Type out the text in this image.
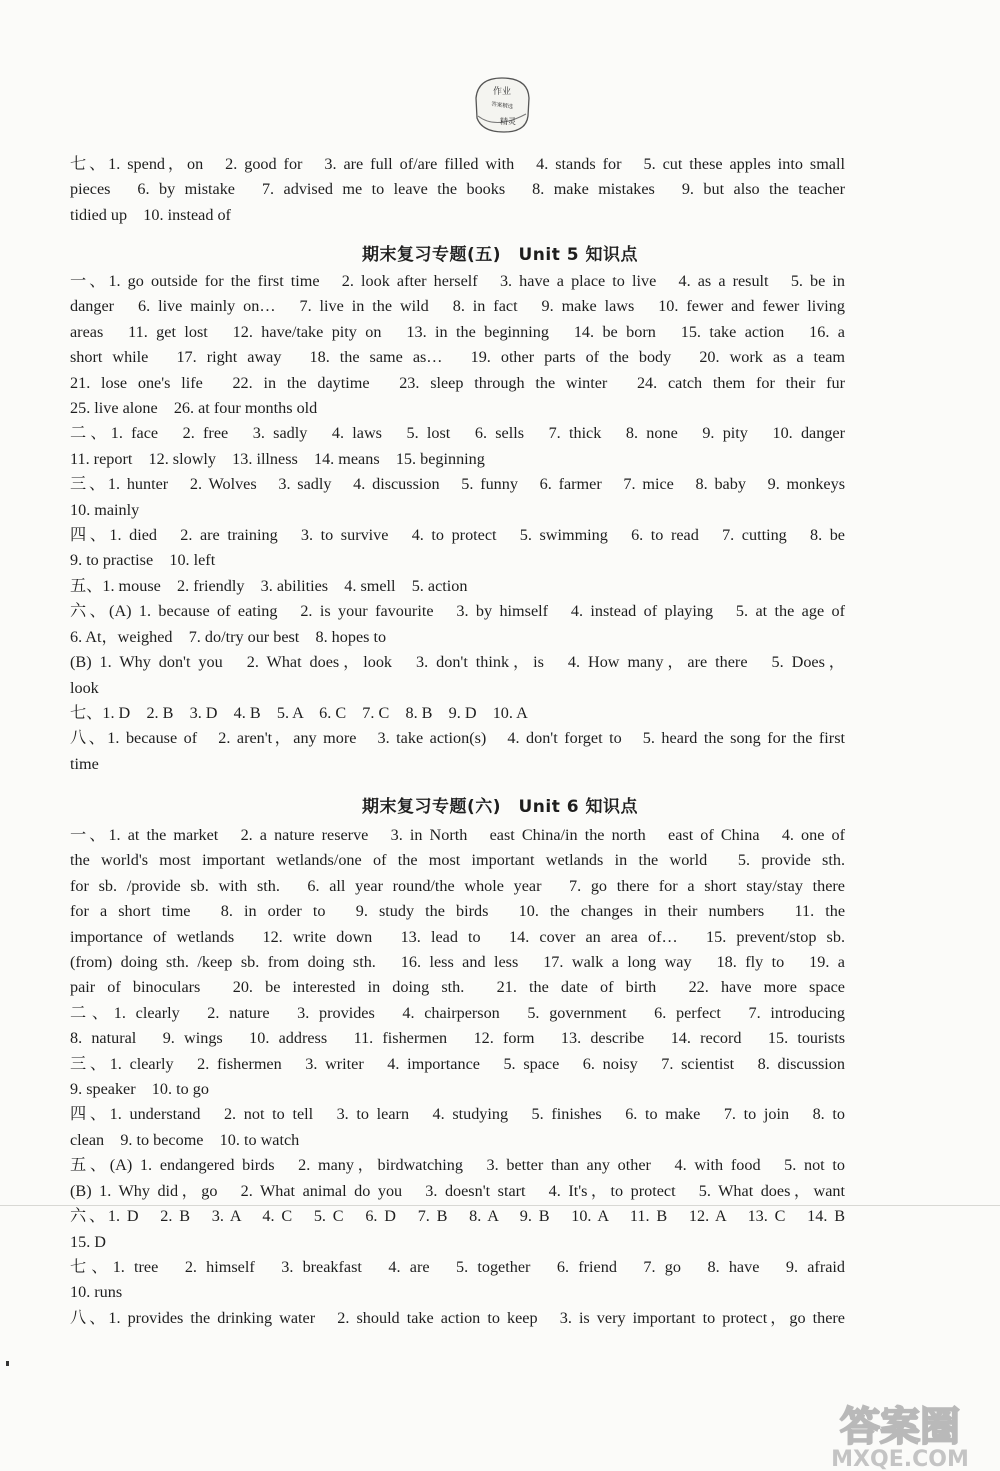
作业
答案精选
精灵

七、1. spend，on　2. good for　3. are full of/are filled with　4. stands for　5. cut these apples into small

pieces　6. by mistake　7. advised me to leave the books　8. make mistakes　9. but also the teacher

tidied up　10. instead of

期末复习专题(五)　Unit 5 知识点

一、1. go outside for the first time　2. look after herself　3. have a place to live　4. as a result　5. be in

danger　6. live mainly on…　7. live in the wild　8. in fact　9. make laws　10. fewer and fewer living

areas　11. get lost　12. have/take pity on　13. in the beginning　14. be born　15. take action　16. a

short while　17. right away　18. the same as…　19. other parts of the body　20. work as a team

21. lose one's life　22. in the daytime　23. sleep through the winter　24. catch them for their fur

25. live alone　26. at four months old

二、1. face　2. free　3. sadly　4. laws　5. lost　6. sells　7. thick　8. none　9. pity　10. danger

11. report　12. slowly　13. illness　14. means　15. beginning

三、1. hunter　2. Wolves　3. sadly　4. discussion　5. funny　6. farmer　7. mice　8. baby　9. monkeys

10. mainly

四、1. died　2. are training　3. to survive　4. to protect　5. swimming　6. to read　7. cutting　8. be

9. to practise　10. left

五、1. mouse　2. friendly　3. abilities　4. smell　5. action

六、(A) 1. because of eating　2. is your favourite　3. by himself　4. instead of playing　5. at the age of

6. At，weighed　7. do/try our best　8. hopes to

(B) 1. Why don't you　2. What does，look　3. don't think，is　4. How many，are there　5. Does，

look

七、1. D　2. B　3. D　4. B　5. A　6. C　7. C　8. B　9. D　10. A

八、1. because of　2. aren't，any more　3. take action(s)　4. don't forget to　5. heard the song for the first

time

期末复习专题(六)　Unit 6 知识点

一、1. at the market　2. a nature reserve　3. in North　east China/in the north　east of China　4. one of

the world's most important wetlands/one of the most important wetlands in the world　5. provide sth.

for sb. /provide sb. with sth.　6. all year round/the whole year　7. go there for a short stay/stay there

for a short time　8. in order to　9. study the birds　10. the changes in their numbers　11. the

importance of wetlands　12. write down　13. lead to　14. cover an area of…　15. prevent/stop sb.

(from) doing sth. /keep sb. from doing sth.　16. less and less　17. walk a long way　18. fly to　19. a

pair of binoculars　20. be interested in doing sth.　21. the date of birth　22. have more space

二、1. clearly　2. nature　3. provides　4. chairperson　5. government　6. perfect　7. introducing

8. natural　9. wings　10. address　11. fishermen　12. form　13. describe　14. record　15. tourists

三、1. clearly　2. fishermen　3. writer　4. importance　5. space　6. noisy　7. scientist　8. discussion

9. speaker　10. to go

四、1. understand　2. not to tell　3. to learn　4. studying　5. finishes　6. to make　7. to join　8. to

clean　9. to become　10. to watch

五、(A) 1. endangered birds　2. many，birdwatching　3. better than any other　4. with food　5. not to

(B) 1. Why did，go　2. What animal do you　3. doesn't start　4. It's，to protect　5. What does，want

六、1. D　2. B　3. A　4. C　5. C　6. D　7. B　8. A　9. B　10. A　11. B　12. A　13. C　14. B

15. D

七、1. tree　2. himself　3. breakfast　4. are　5. together　6. friend　7. go　8. have　9. afraid

10. runs

八、1. provides the drinking water　2. should take action to keep　3. is very important to protect，go there

答案圈
MXQE.COM
